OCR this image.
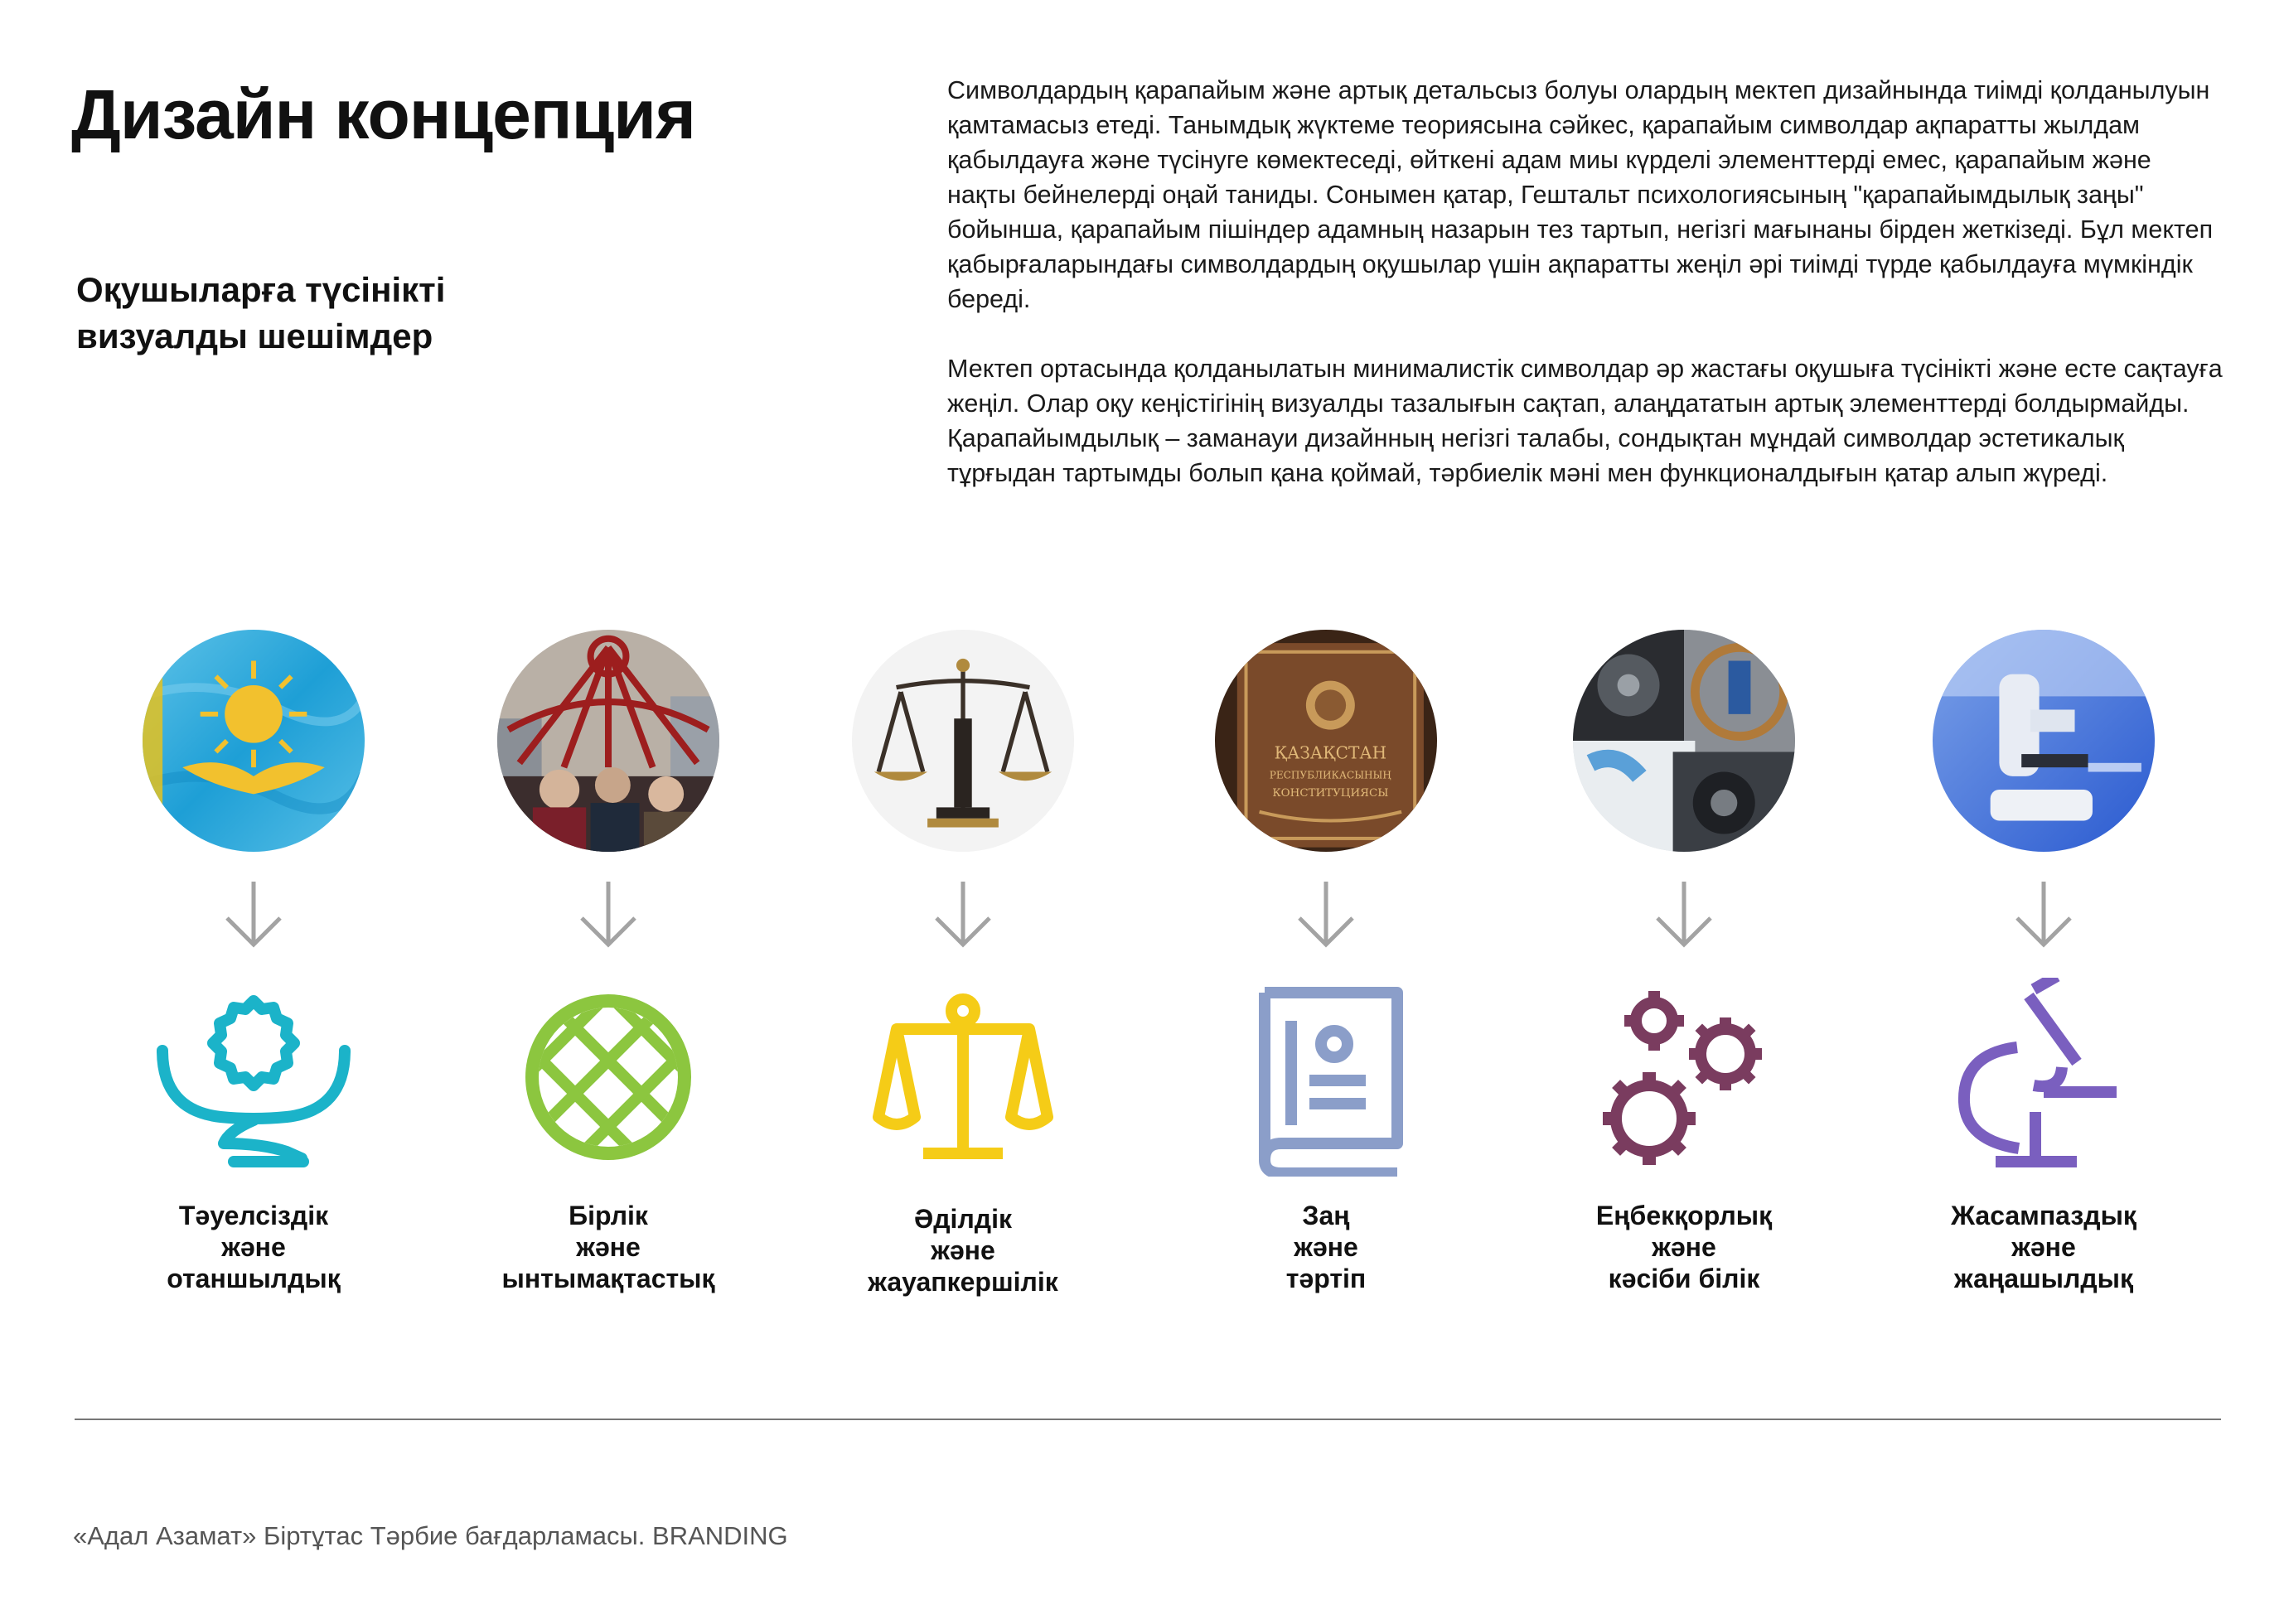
Дизайн концепция
Оқушыларға түсінікті
визуалды шешімдер

Символдардың қарапайым және артық детальсыз болуы олардың мектеп дизайнында тиімді қолданылуын қамтамасыз етеді. Танымдық жүктеме теориясына сәйкес, қарапайым символдар ақпаратты жылдам қабылдауға және түсінуге көмектеседі, өйткені адам миы күрделі элементтерді емес, қарапайым және нақты бейнелерді оңай таниды. Сонымен қатар, Гештальт психологиясының "қарапайымдылық заңы" бойынша, қарапайым пішіндер адамның назарын тез тартып, негізгі мағынаны бірден жеткізеді. Бұл мектеп қабырғаларындағы символдардың оқушылар үшін ақпаратты жеңіл әрі тиімді түрде қабылдауға мүмкіндік береді.

Мектеп ортасында қолданылатын минималистік символдар әр жастағы оқушыға түсінікті және есте сақтауға жеңіл. Олар оқу кеңістігінің визуалды тазалығын сақтап, алаңдататын артық элементтерді болдырмайды. Қарапайымдылық – заманауи дизайнның негізгі талабы, сондықтан мұндай символдар эстетикалық тұрғыдан тартымды болып қана қоймай, тәрбиелік мәні мен функционалдығын қатар алып жүреді.

Тәуелсіздік
және
отаншылдық
Бірлік
және
ынтымақтастық
Әділдік
және
жауапкершілік
ҚАЗАҚСТАН
РЕСПУБЛИКАСЫНЫҢ
КОНСТИТУЦИЯСЫ
Заң
және
тәртіп
Еңбекқорлық
және
кәсіби білік
Жасампаздық
және
жаңашылдық
«Адал Азамат» Біртұтас Тәрбие бағдарламасы. BRANDING
